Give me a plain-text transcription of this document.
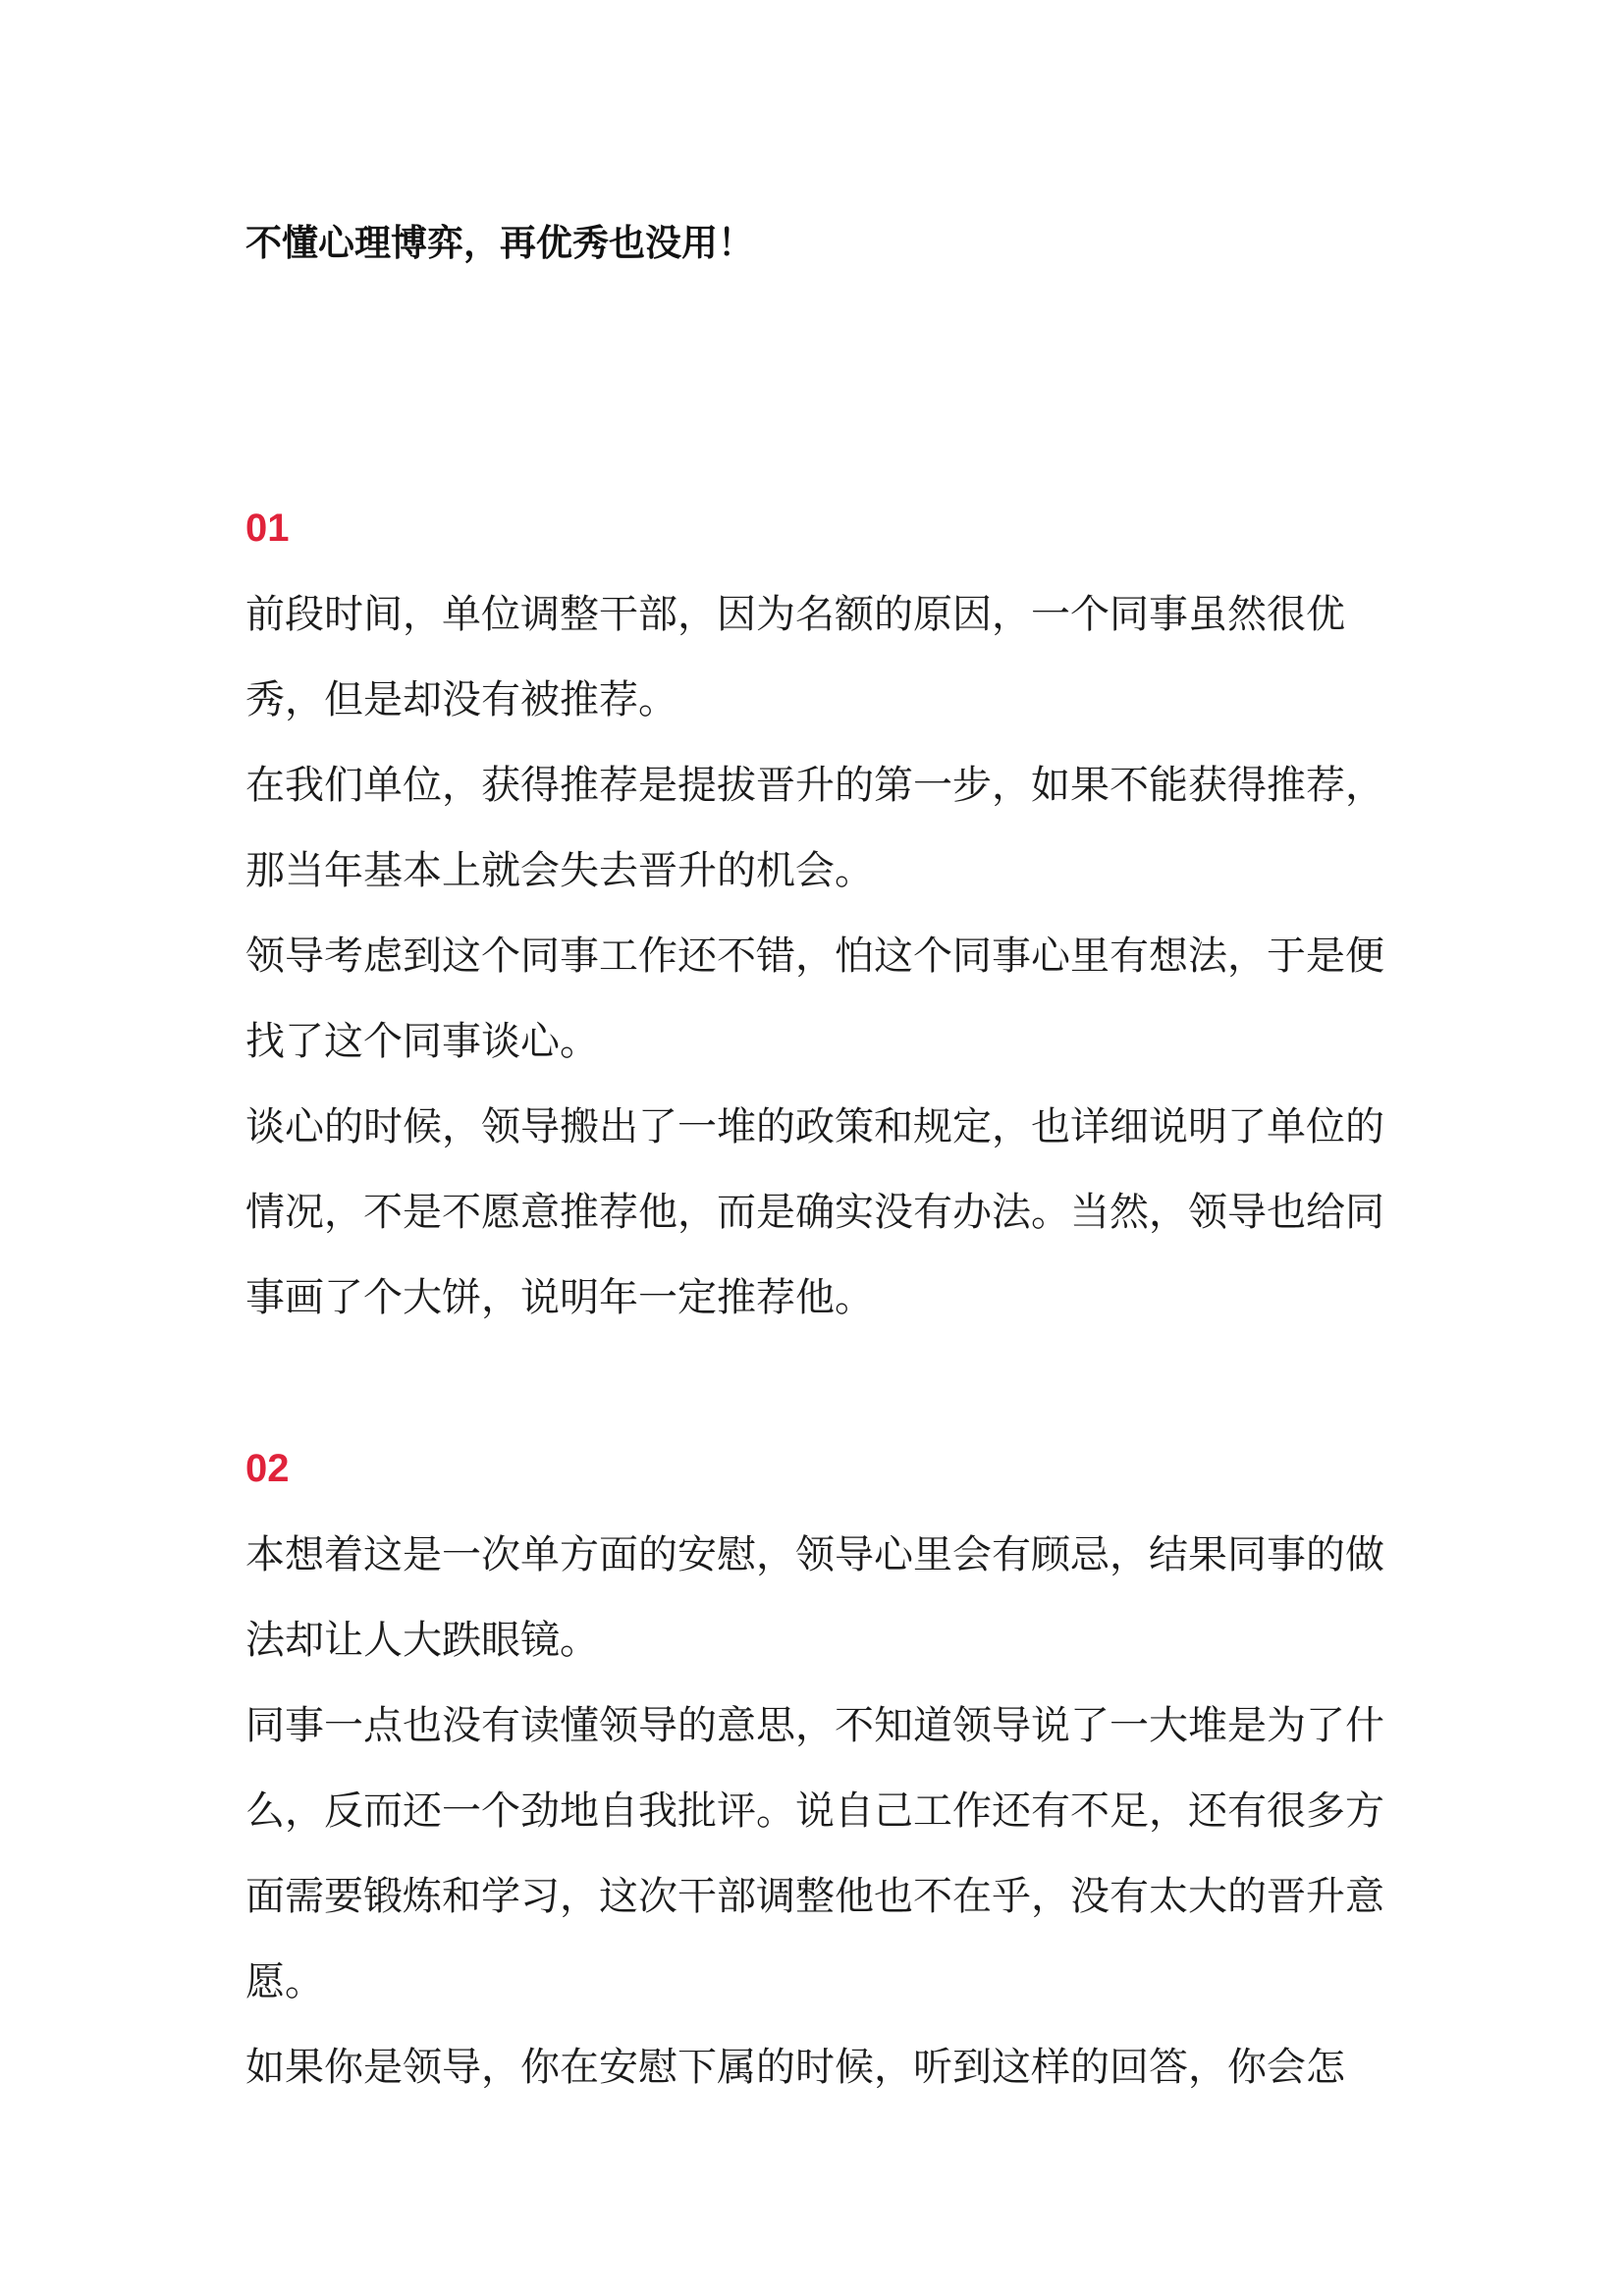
不懂心理博弈，再优秀也没用！
01

前段时间，单位调整干部，因为名额的原因，一个同事虽然很优秀，但是却没有被推荐。

在我们单位，获得推荐是提拔晋升的第一步，如果不能获得推荐，那当年基本上就会失去晋升的机会。

领导考虑到这个同事工作还不错，怕这个同事心里有想法，于是便找了这个同事谈心。

谈心的时候，领导搬出了一堆的政策和规定，也详细说明了单位的情况，不是不愿意推荐他，而是确实没有办法。当然，领导也给同事画了个大饼，说明年一定推荐他。

02

本想着这是一次单方面的安慰，领导心里会有顾忌，结果同事的做法却让人大跌眼镜。

同事一点也没有读懂领导的意思，不知道领导说了一大堆是为了什么，反而还一个劲地自我批评。说自己工作还有不足，还有很多方面需要锻炼和学习，这次干部调整他也不在乎，没有太大的晋升意愿。

如果你是领导，你在安慰下属的时候，听到这样的回答，你会怎
